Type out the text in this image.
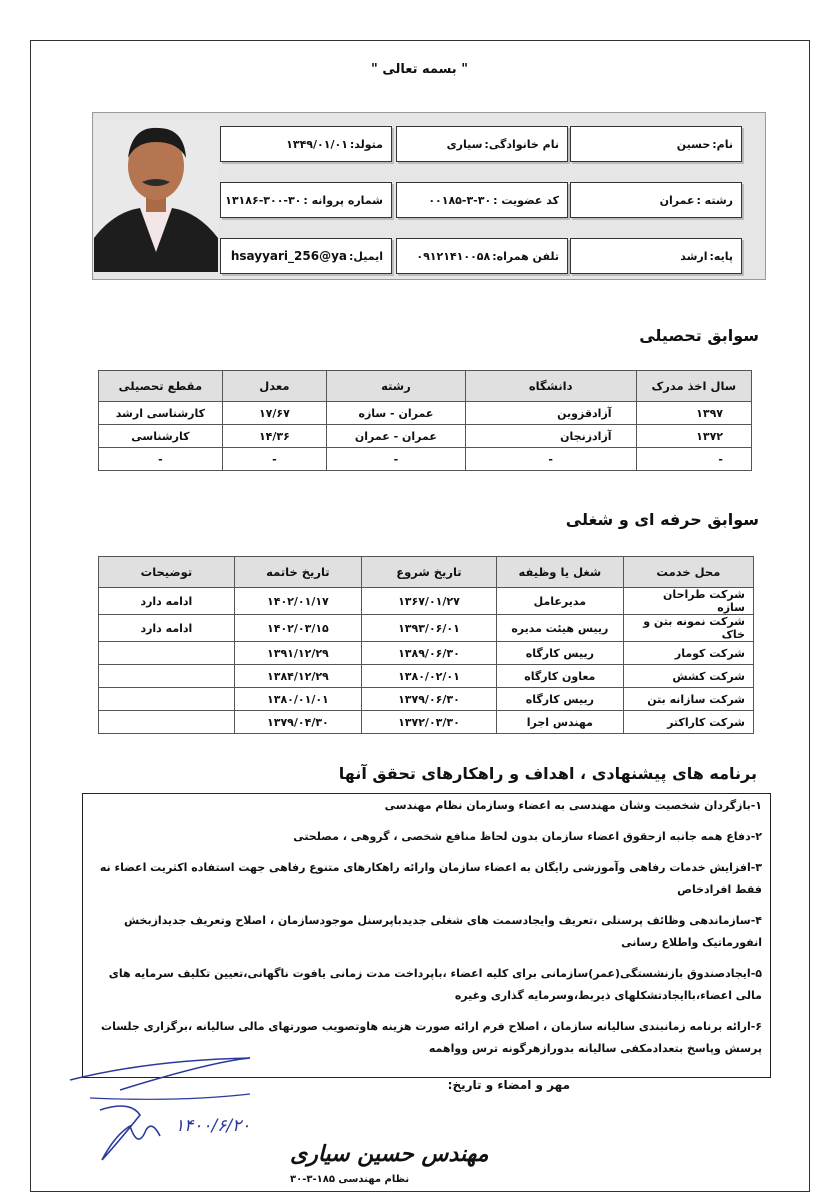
" بسمه تعالی "
نام:
حسین
رشته :
عمران
پایه:
ارشد
نام خانوادگی:
سیاری
کد عضویت :
۰۰۱۸۵-۳-۳۰
تلفن همراه:
۰۹۱۲۱۴۱۰۰۵۸
متولد:
۱۳۴۹/۰۱/۰۱
شماره پروانه :
۱۳۱۸۶-۳۰۰-۳۰
ایمیل:
hsayyari_256@ya
سوابق تحصیلی
سال اخذ مدرک	دانشگاه	رشته	معدل	مقطع تحصیلی
۱۳۹۷	آزادقزوین	عمران - سازه	۱۷/۶۷	کارشناسی ارشد
۱۳۷۲	آزادزنجان	عمران - عمران	۱۴/۳۶	کارشناسی
-	-	-	-	-
سوابق حرفه ای و شغلی
محل خدمت	شغل یا وظیفه	تاریخ شروع	تاریخ خاتمه	توضیحات
شرکت طراحان سازه	مدیرعامل	۱۳۶۷/۰۱/۲۷	۱۴۰۲/۰۱/۱۷	ادامه دارد
شرکت نمونه بتن و خاک	رییس هیئت مدیره	۱۳۹۳/۰۶/۰۱	۱۴۰۲/۰۳/۱۵	ادامه دارد
شرکت کومار	رییس کارگاه	۱۳۸۹/۰۶/۳۰	۱۳۹۱/۱۲/۲۹	
شرکت کشش	معاون کارگاه	۱۳۸۰/۰۲/۰۱	۱۳۸۴/۱۲/۲۹	
شرکت سازانه بتن	رییس کارگاه	۱۳۷۹/۰۶/۳۰	۱۳۸۰/۰۱/۰۱	
شرکت کاراکتر	مهندس اجرا	۱۳۷۲/۰۳/۳۰	۱۳۷۹/۰۴/۳۰	
برنامه های پیشنهادی ، اهداف و راهکارهای تحقق آنها
۱-بازگردان شخصیت وشان مهندسی به اعضاء وسازمان نظام مهندسی
۲-دفاع همه جانبه ازحقوق اعضاء سازمان بدون لحاظ منافع شخصی ، گروهی ، مصلحتی
۳-افزایش خدمات رفاهی وآموزشی رایگان به اعضاء سازمان وارائه راهکارهای متنوع رفاهی جهت استفاده اکثریت اعضاء نه فقط افرادخاص
۴-سازماندهی وظائف پرسنلی ،تعریف وایجادسمت های شغلی جدیدباپرسنل موجودسازمان ، اصلاح وتعریف جدیدازبخش انفورماتیک واطلاع رسانی
۵-ایجادصندوق بازنشستگی(عمر)سازمانی برای کلیه اعضاء ،باپرداخت مدت زمانی یافوت ناگهانی،تعیین تکلیف سرمایه های مالی اعضاء،باایجادتشکلهای ذیربط،وسرمایه گذاری وغیره
۶-ارائه برنامه زمانبندی سالیانه سازمان ، اصلاح فرم ارائه صورت هزینه هاوتصویب صورتهای مالی سالیانه ،برگزاری جلسات پرسش وپاسخ بتعدادمکفی سالیانه بدورازهرگونه ترس وواهمه
مهر و امضاء و تاریخ:
۱۴۰۰/۶/۲۰
مهندس حسین سیاری
نظام مهندسی ۱۸۵-۳-۳۰
